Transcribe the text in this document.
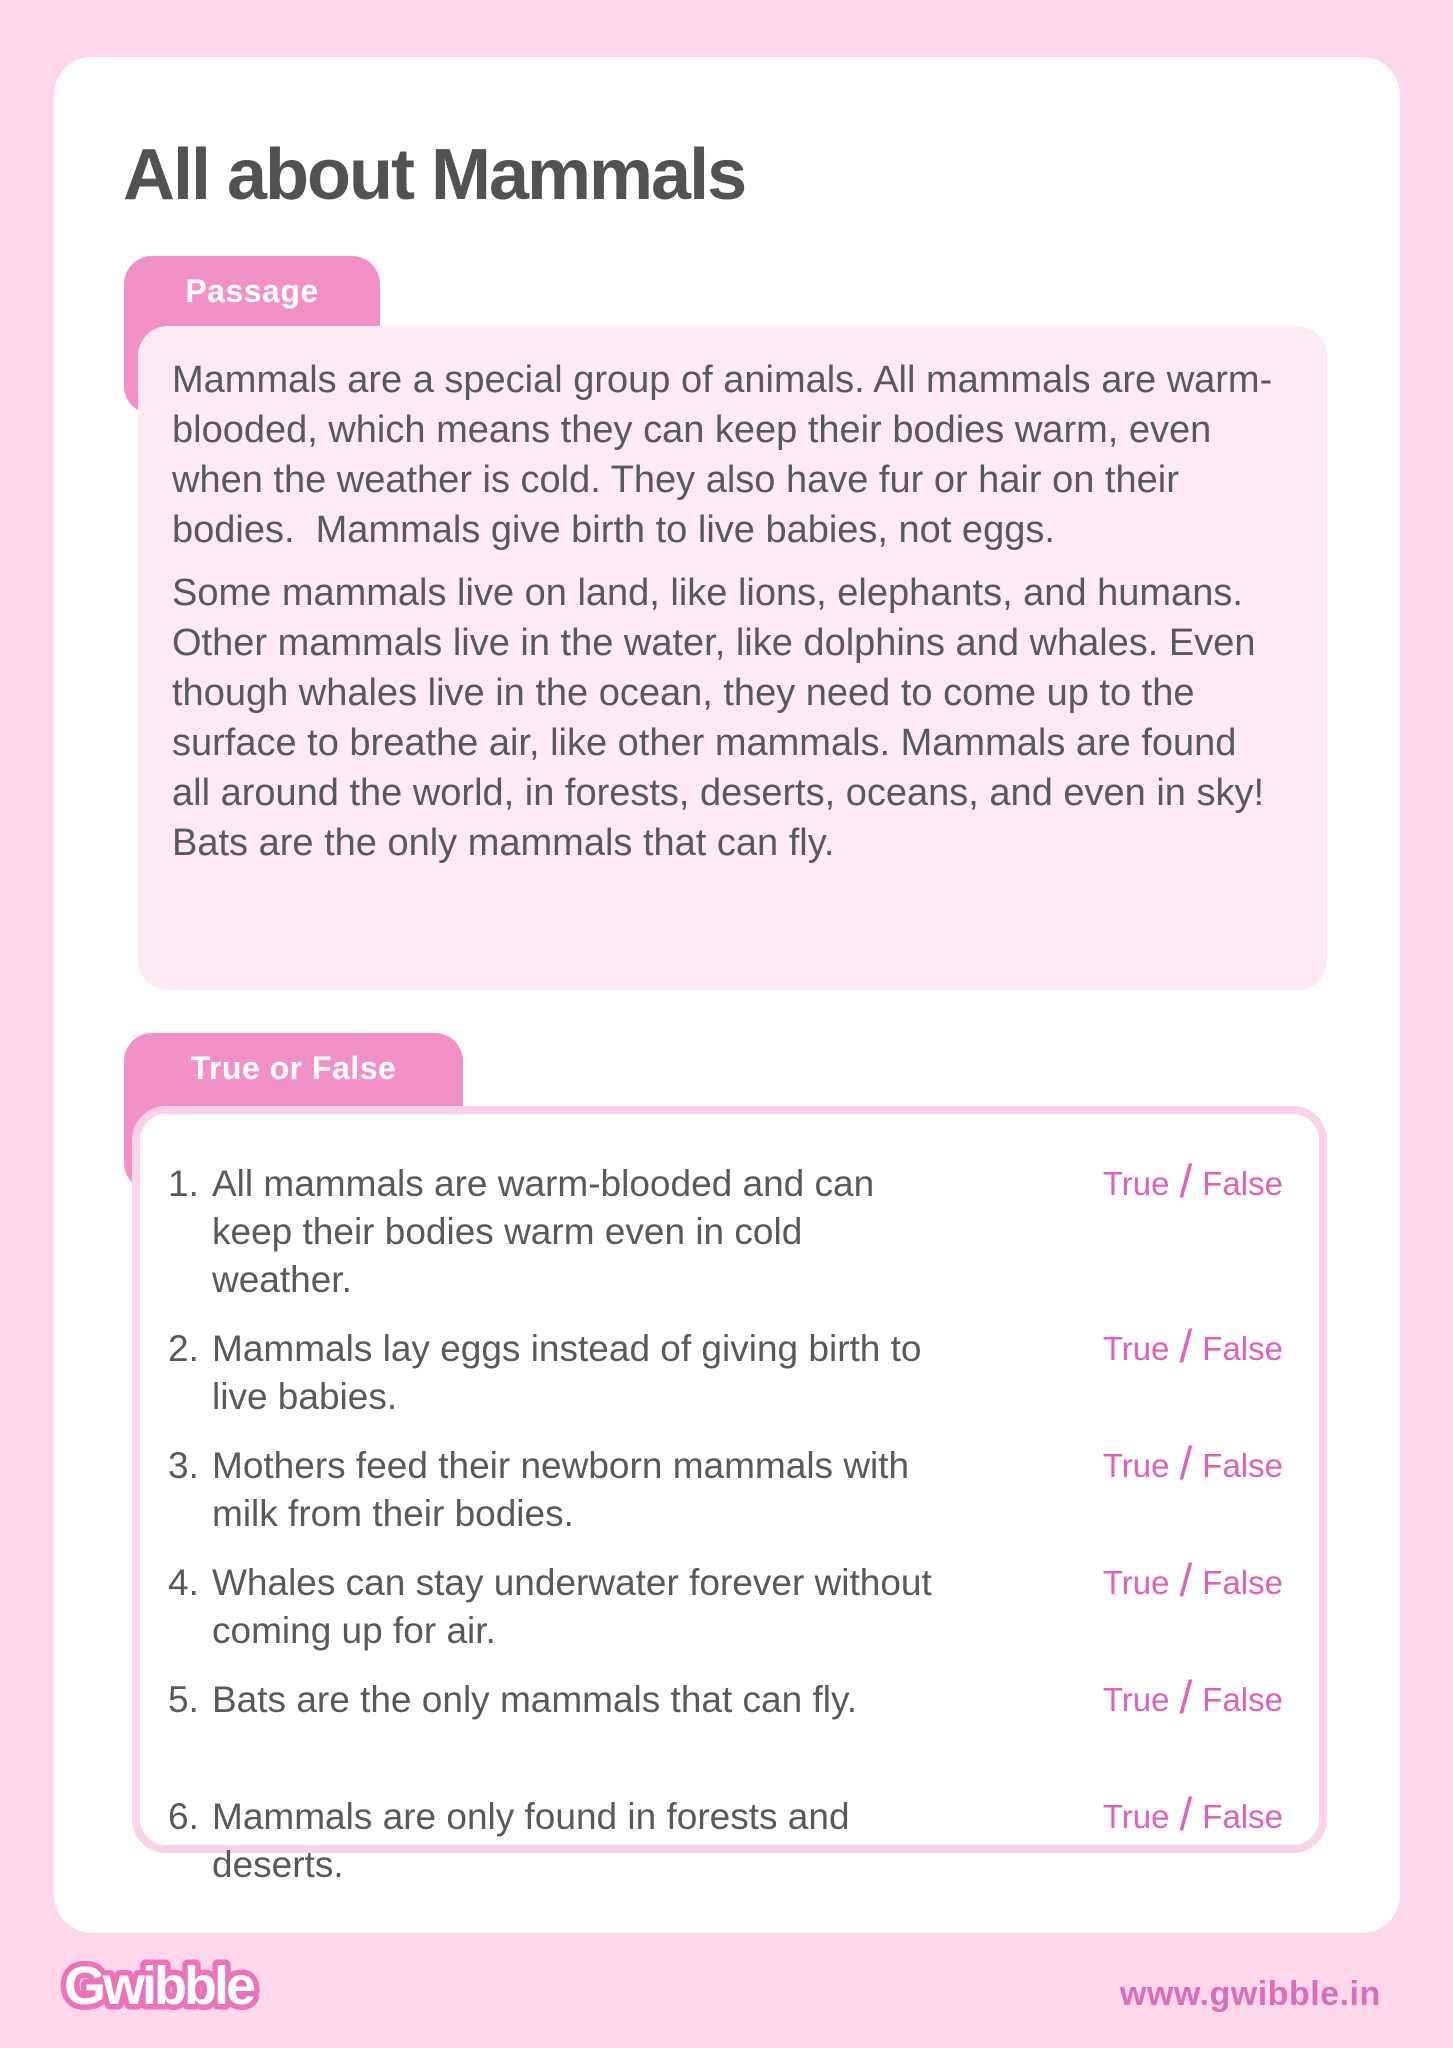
All about Mammals
Passage

Mammals are a special group of animals. All mammals are warm-blooded, which means they can keep their bodies warm, even when the weather is cold. They also have fur or hair on their bodies.  Mammals give birth to live babies, not eggs.

Some mammals live on land, like lions, elephants, and humans. Other mammals live in the water, like dolphins and whales. Even though whales live in the ocean, they need to come up to the surface to breathe air, like other mammals. Mammals are found all around the world, in forests, deserts, oceans, and even in sky! Bats are the only mammals that can fly.

True or False
1. All mammals are warm-blooded and can keep their bodies warm even in cold weather.
True / False
2. Mammals lay eggs instead of giving birth to live babies.
True / False
3. Mothers feed their newborn mammals with milk from their bodies.
True / False
4. Whales can stay underwater forever without coming up for air.
True / False
5. Bats are the only mammals that can fly.	True / False
6. Mammals are only found in forests and deserts.
True / False
Gwibble	www.gwibble.in
